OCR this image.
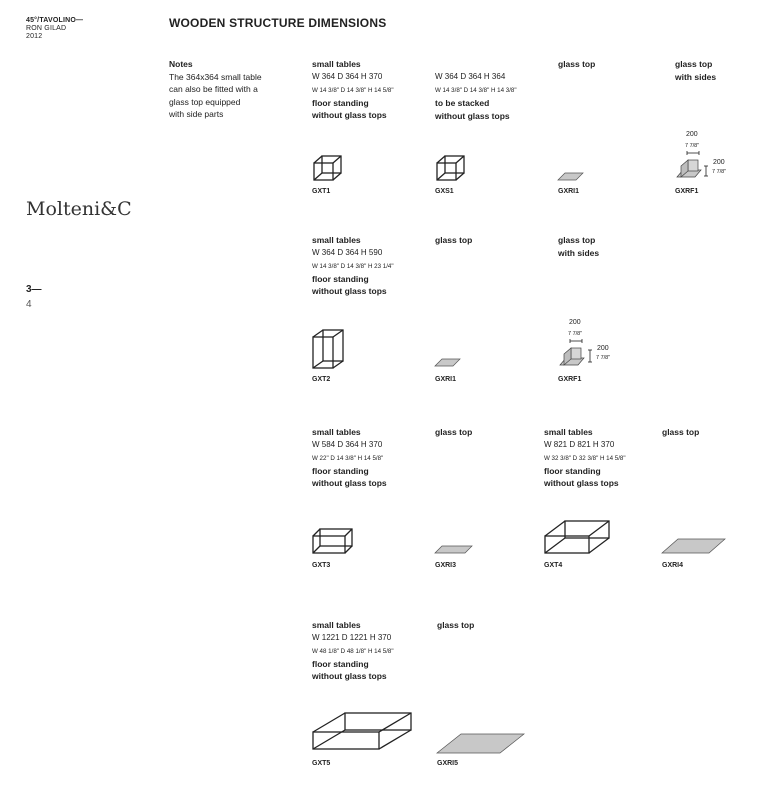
45°/TAVOLINO—
RON GILAD
2012
WOODEN STRUCTURE DIMENSIONS
Molteni&C
3—
4
Notes
The 364x364 small table
can also be fitted with a
glass top equipped
with side parts
small tables
W 364 D 364 H 370
W 14 3/8" D 14 3/8" H 14 5/8"
floor standing
without glass tops
W 364 D 364 H 364
W 14 3/8" D 14 3/8" H 14 3/8"
to be stacked
without glass tops
glass top	glass top
with sides
GXT1	GXS1	GXRI1
200
7 7/8"
200
7 7/8"
GXRF1
small tables
W 364 D 364 H 590
W 14 3/8" D 14 3/8" H 23 1/4"
floor standing
without glass tops
glass top	glass top
with sides
GXT2	GXRI1
200
7 7/8"
200
7 7/8"
GXRF1
small tables
W 584 D 364 H 370
W 22" D 14 3/8" H 14 5/8"
floor standing
without glass tops
glass top	small tables
W 821 D 821 H 370
W 32 3/8" D 32 3/8" H 14 5/8"
floor standing
without glass tops
glass top
GXT3	GXRI3	GXT4	GXRI4
small tables
W 1221 D 1221 H 370
W 48 1/8" D 48 1/8" H 14 5/8"
floor standing
without glass tops
glass top
GXT5	GXRI5
